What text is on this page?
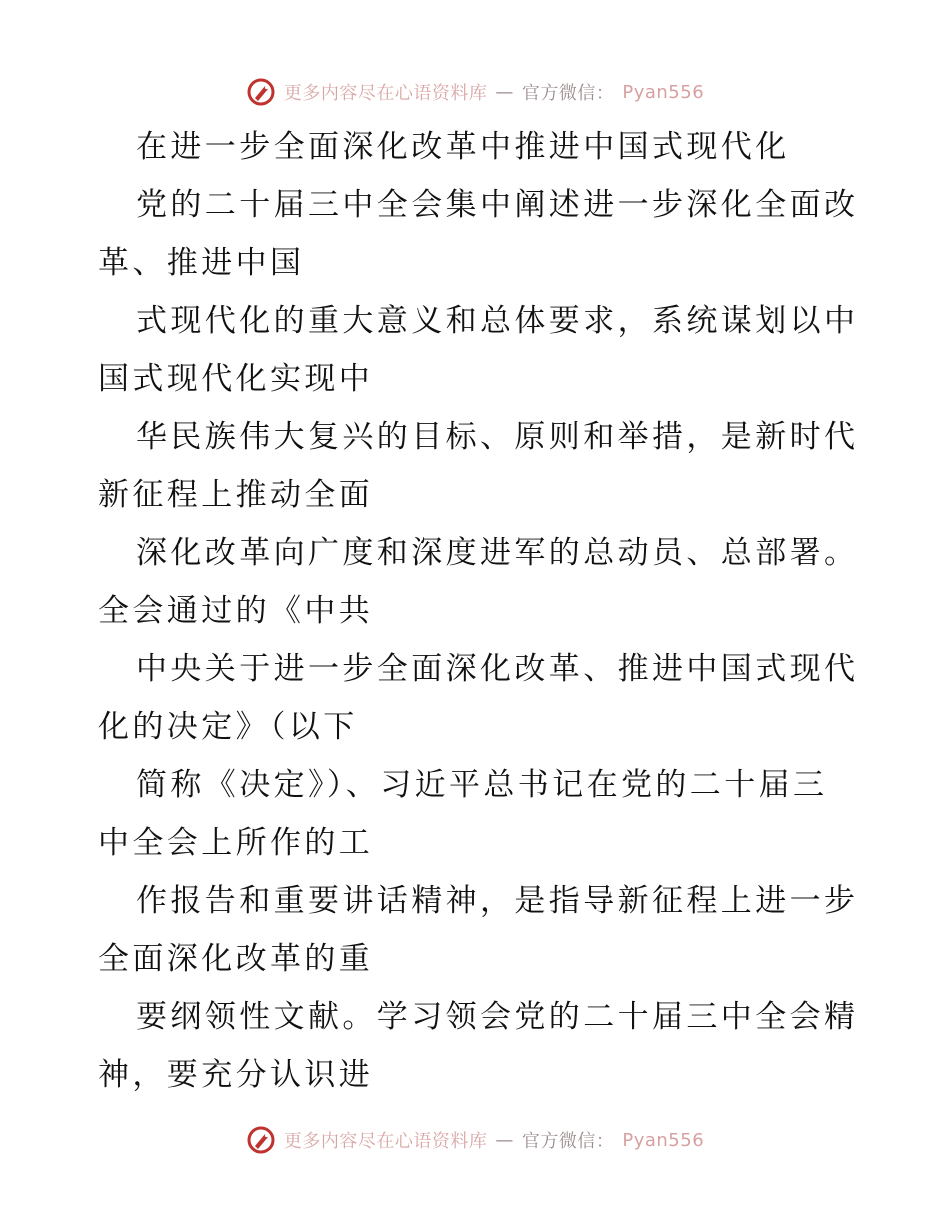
更多内容尽在心语资料库 — 官方微信： Pyan556

在进一步全面深化改革中推进中国式现代化

党的二十届三中全会集中阐述进一步深化全面改

革、推进中国

式现代化的重大意义和总体要求，系统谋划以中

国式现代化实现中

华民族伟大复兴的目标、原则和举措，是新时代

新征程上推动全面

深化改革向广度和深度进军的总动员、总部署。

全会通过的《中共

中央关于进一步全面深化改革、推进中国式现代

化的决定》（以下

简称《决定》）、习近平总书记在党的二十届三

中全会上所作的工

作报告和重要讲话精神，是指导新征程上进一步

全面深化改革的重

要纲领性文献。学习领会党的二十届三中全会精

神，要充分认识进

更多内容尽在心语资料库 — 官方微信： Pyan556
